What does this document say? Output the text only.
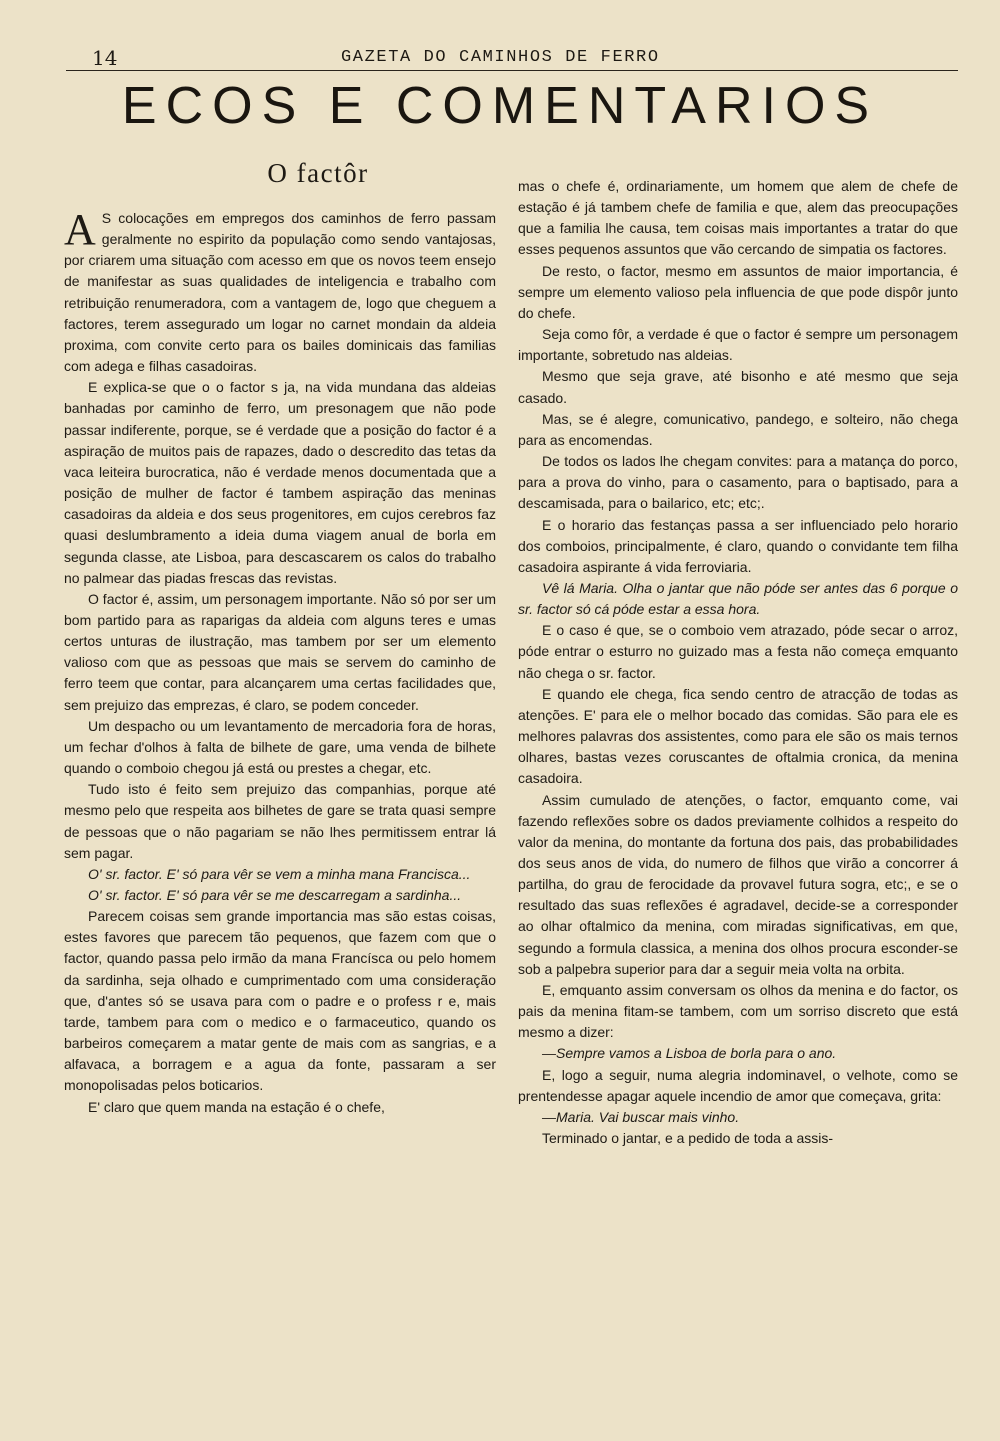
14	GAZETA DO CAMINHOS DE FERRO
ECOS E COMENTARIOS
O factôr

A S colocações em empregos dos caminhos de ferro passam geralmente no espirito da população como sendo vantajosas, por criarem uma situação com acesso em que os novos teem ensejo de manifestar as suas qualidades de inteligencia e trabalho com retribuição renumeradora, com a vantagem de, logo que cheguem a factores, terem assegurado um logar no carnet mondain da aldeia proxima, com convite certo para os bailes dominicais das familias com adega e filhas casadoiras.

E explica-se que o o factor s ja, na vida mundana das aldeias banhadas por caminho de ferro, um presonagem que não pode passar indiferente, porque, se é verdade que a posição do factor é a aspiração de muitos pais de rapazes, dado o descredito das tetas da vaca leiteira burocratica, não é verdade menos documentada que a posição de mulher de factor é tambem aspiração das meninas casadoiras da aldeia e dos seus progenitores, em cujos cerebros faz quasi deslumbramento a ideia duma viagem anual de borla em segunda classe, ate Lisboa, para descascarem os calos do trabalho no palmear das piadas frescas das revistas.

O factor é, assim, um personagem importante. Não só por ser um bom partido para as raparigas da aldeia com alguns teres e umas certos unturas de ilustração, mas tambem por ser um elemento valioso com que as pessoas que mais se servem do caminho de ferro teem que contar, para alcançarem uma certas facilidades que, sem prejuizo das emprezas, é claro, se podem conceder.

Um despacho ou um levantamento de mercadoria fora de horas, um fechar d'olhos à falta de bilhete de gare, uma venda de bilhete quando o comboio chegou já está ou prestes a chegar, etc.

Tudo isto é feito sem prejuizo das companhias, porque até mesmo pelo que respeita aos bilhetes de gare se trata quasi sempre de pessoas que o não pagariam se não lhes permitissem entrar lá sem pagar.

O' sr. factor. E' só para vêr se vem a minha mana Francisca...

O' sr. factor. E' só para vêr se me descarregam a sardinha...

Parecem coisas sem grande importancia mas são estas coisas, estes favores que parecem tão pequenos, que fazem com que o factor, quando passa pelo irmão da mana Francísca ou pelo homem da sardinha, seja olhado e cumprimentado com uma consideração que, d'antes só se usava para com o padre e o profess r e, mais tarde, tambem para com o medico e o farmaceutico, quando os barbeiros começarem a matar gente de mais com as sangrias, e a alfavaca, a borragem e a agua da fonte, passaram a ser monopolisadas pelos boticarios.

E' claro que quem manda na estação é o chefe,

mas o chefe é, ordinariamente, um homem que alem de chefe de estação é já tambem chefe de familia e que, alem das preocupações que a familia lhe causa, tem coisas mais importantes a tratar do que esses pequenos assuntos que vão cercando de simpatia os factores.

De resto, o factor, mesmo em assuntos de maior importancia, é sempre um elemento valioso pela influencia de que pode dispôr junto do chefe.

Seja como fôr, a verdade é que o factor é sempre um personagem importante, sobretudo nas aldeias.

Mesmo que seja grave, até bisonho e até mesmo que seja casado.

Mas, se é alegre, comunicativo, pandego, e solteiro, não chega para as encomendas.

De todos os lados lhe chegam convites: para a matança do porco, para a prova do vinho, para o casamento, para o baptisado, para a descamisada, para o bailarico, etc; etc;.

E o horario das festanças passa a ser influenciado pelo horario dos comboios, principalmente, é claro, quando o convidante tem filha casadoira aspirante á vida ferroviaria.

Vê lá Maria. Olha o jantar que não póde ser antes das 6 porque o sr. factor só cá póde estar a essa hora.

E o caso é que, se o comboio vem atrazado, póde secar o arroz, póde entrar o esturro no guizado mas a festa não começa emquanto não chega o sr. factor.

E quando ele chega, fica sendo centro de atracção de todas as atenções. E' para ele o melhor bocado das comidas. São para ele es melhores palavras dos assistentes, como para ele são os mais ternos olhares, bastas vezes coruscantes de oftalmia cronica, da menina casadoira.

Assim cumulado de atenções, o factor, emquanto come, vai fazendo reflexões sobre os dados previamente colhidos a respeito do valor da menina, do montante da fortuna dos pais, das probabilidades dos seus anos de vida, do numero de filhos que virão a concorrer á partilha, do grau de ferocidade da provavel futura sogra, etc;, e se o resultado das suas reflexões é agradavel, decide-se a corresponder ao olhar oftalmico da menina, com miradas significativas, em que, segundo a formula classica, a menina dos olhos procura esconder-se sob a palpebra superior para dar a seguir meia volta na orbita.

E, emquanto assim conversam os olhos da menina e do factor, os pais da menina fitam-se tambem, com um sorriso discreto que está mesmo a dizer:

—Sempre vamos a Lisboa de borla para o ano.

E, logo a seguir, numa alegria indominavel, o velhote, como se prentendesse apagar aquele incendio de amor que começava, grita:

—Maria. Vai buscar mais vinho.

Terminado o jantar, e a pedido de toda a assis-
